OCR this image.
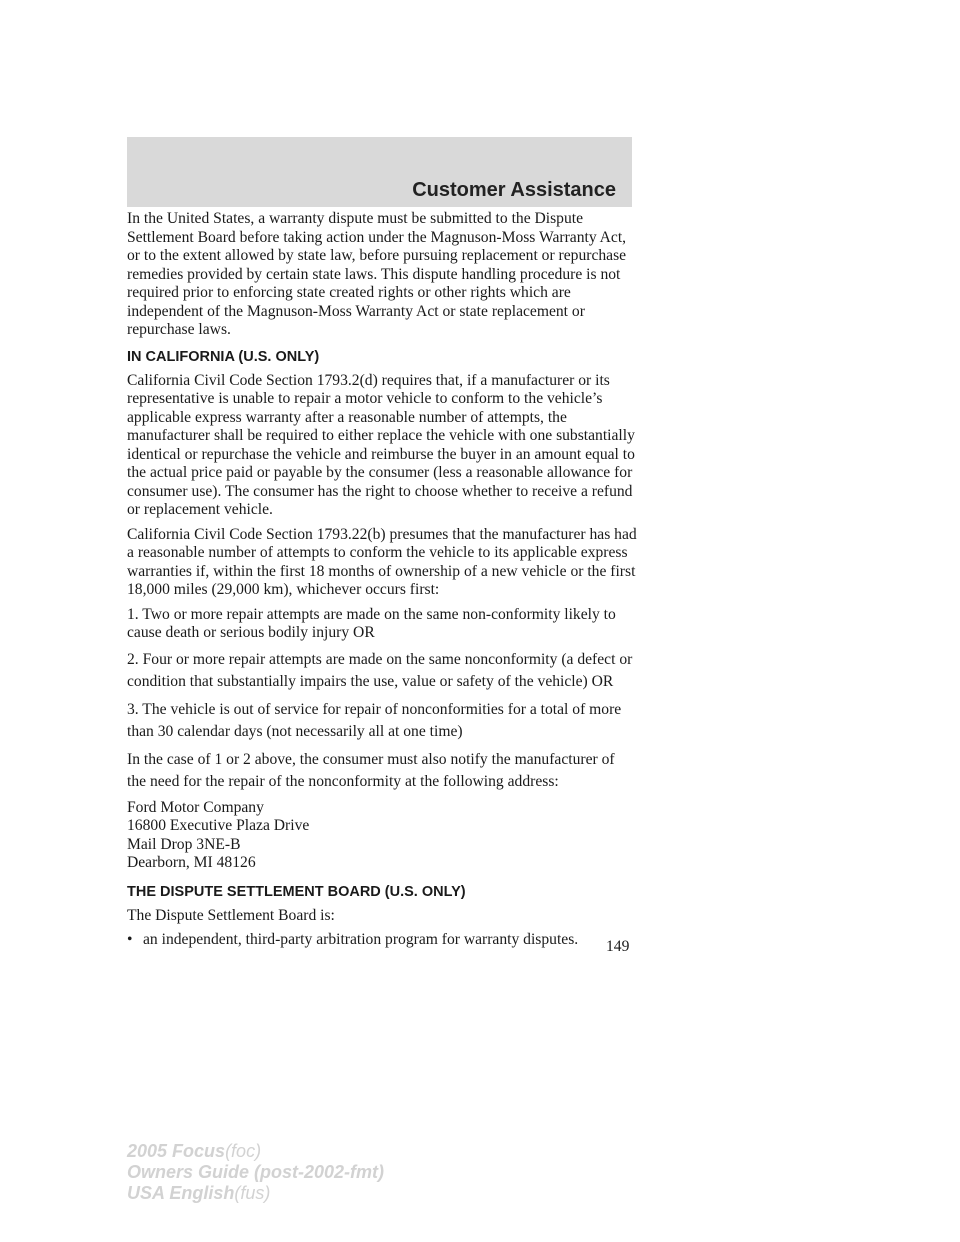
Customer Assistance

In the United States, a warranty dispute must be submitted to the Dispute Settlement Board before taking action under the Magnuson-Moss Warranty Act, or to the extent allowed by state law, before pursuing replacement or repurchase remedies provided by certain state laws. This dispute handling procedure is not required prior to enforcing state created rights or other rights which are independent of the Magnuson-Moss Warranty Act or state replacement or repurchase laws.

IN CALIFORNIA (U.S. ONLY)

California Civil Code Section 1793.2(d) requires that, if a manufacturer or its representative is unable to repair a motor vehicle to conform to the vehicle’s applicable express warranty after a reasonable number of attempts, the manufacturer shall be required to either replace the vehicle with one substantially identical or repurchase the vehicle and reimburse the buyer in an amount equal to the actual price paid or payable by the consumer (less a reasonable allowance for consumer use). The consumer has the right to choose whether to receive a refund or replacement vehicle.

California Civil Code Section 1793.22(b) presumes that the manufacturer has had a reasonable number of attempts to conform the vehicle to its applicable express warranties if, within the first 18 months of ownership of a new vehicle or the first 18,000 miles (29,000 km), whichever occurs first:

1. Two or more repair attempts are made on the same non-conformity likely to cause death or serious bodily injury OR

2. Four or more repair attempts are made on the same nonconformity (a defect or condition that substantially impairs the use, value or safety of the vehicle) OR

3. The vehicle is out of service for repair of nonconformities for a total of more than 30 calendar days (not necessarily all at one time)

In the case of 1 or 2 above, the consumer must also notify the manufacturer of the need for the repair of the nonconformity at the following address:

Ford Motor Company

16800 Executive Plaza Drive

Mail Drop 3NE-B

Dearborn, MI 48126

THE DISPUTE SETTLEMENT BOARD (U.S. ONLY)

The Dispute Settlement Board is:

• an independent, third-party arbitration program for warranty disputes. 149
2005 Focus(foc)
Owners Guide (post-2002-fmt)
USA English(fus)
